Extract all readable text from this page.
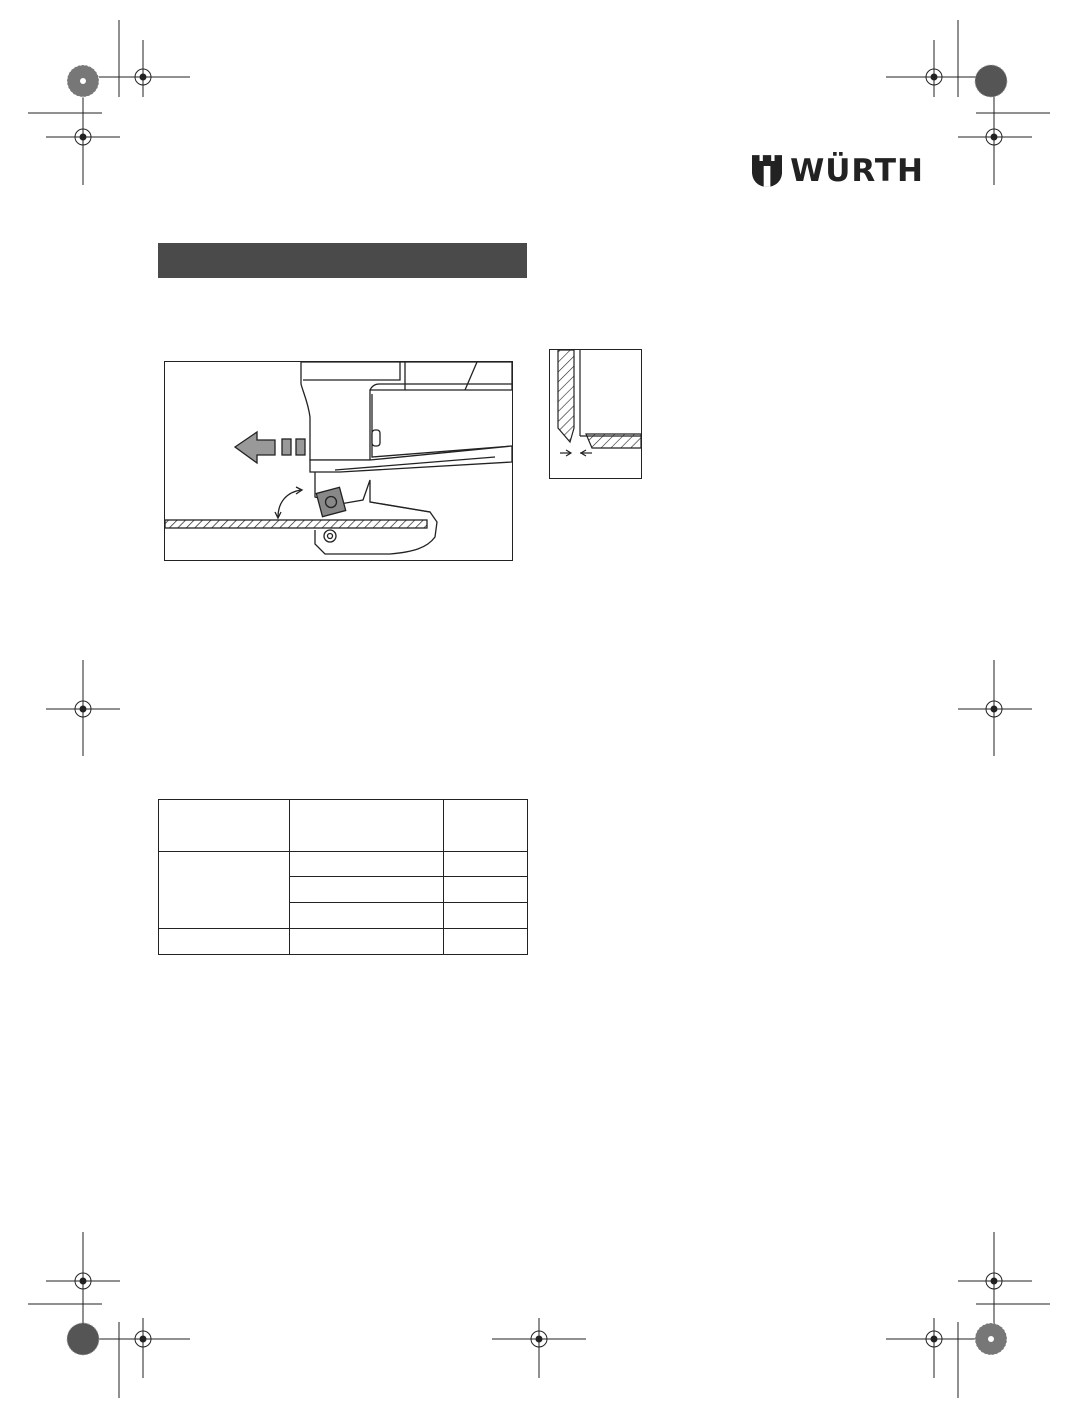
WÜRTH
